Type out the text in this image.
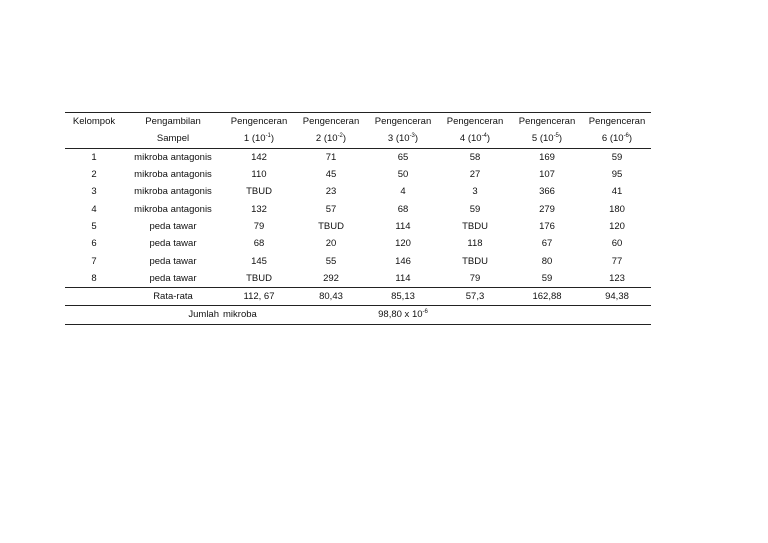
Kelompok	Pengambilan	Pengenceran	Pengenceran	Pengenceran	Pengenceran	Pengenceran	Pengenceran
	Sampel	1 $(10^{-1})$	2 $(10^{-2})$	3 $(10^{-3})$	4 $(10^{-4})$	5 $(10^{-5})$	6 $(10^{-6})$
1	mikroba antagonis	142	71	65	58	169	59
2	mikroba antagonis	110	45	50	27	107	95
3	mikroba antagonis	TBUD	23	4	3	366	41
4	mikroba antagonis	132	57	68	59	279	180
5	peda tawar	79	TBUD	114	TBDU	176	120
6	peda tawar	68	20	120	118	67	60
7	peda tawar	145	55	146	TBDU	80	77
8	peda tawar	TBUD	292	114	79	59	123
	Rata-rata	112, 67	80,43	85,13	57,3	162,88	94,38
	Jumlah	mikroba		98,80 x $10^{-6}$			
